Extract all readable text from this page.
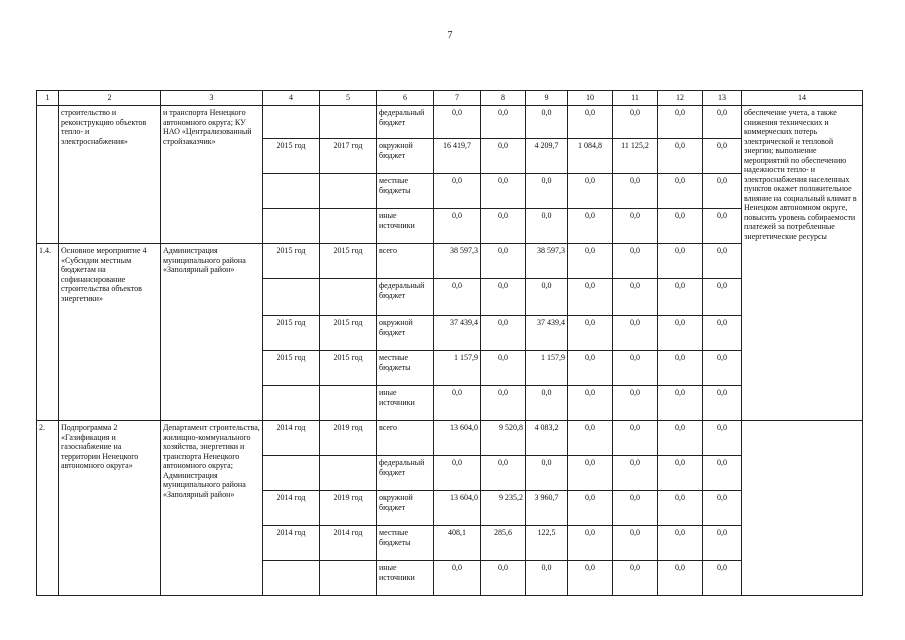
7
1	2	3	4	5	6	7	8	9	10	11	12	13	14
	строительство и реконструкцию объектов тепло- и электроснабжения»	и транспорта Ненецкого автономного округа; КУ НАО «Централизованный стройзаказчик»			федеральный бюджет	0,0	0,0	0,0	0,0	0,0	0,0	0,0	обеспечение учета, а также снижения технических и коммерческих потерь электрической и тепловой энергии; выполнение мероприятий по обеспечению надежности тепло- и электроснабжения населенных пунктов окажет положительное влияние на социальный климат в Ненецком автономном округе, повысить уровень собираемости платежей за потребленные энергетические ресурсы
			2015 год	2017 год	окружной бюджет	16 419,7	0,0	4 209,7	1 084,8	11 125,2	0,0	0,0	
					местные бюджеты	0,0	0,0	0,0	0,0	0,0	0,0	0,0	
					иные источники	0,0	0,0	0,0	0,0	0,0	0,0	0,0	
1.4.	Основное мероприятие 4 «Субсидии местным бюджетам на софинансирование строительства объектов энергетики»	Администрация муниципального района «Заполярный район»	2015 год	2015 год	всего	38 597,3	0,0	38 597,3	0,0	0,0	0,0	0,0	
					федеральный бюджет	0,0	0,0	0,0	0,0	0,0	0,0	0,0	
			2015 год	2015 год	окружной бюджет	37 439,4	0,0	37 439,4	0,0	0,0	0,0	0,0	
			2015 год	2015 год	местные бюджеты	1 157,9	0,0	1 157,9	0,0	0,0	0,0	0,0	
					иные источники	0,0	0,0	0,0	0,0	0,0	0,0	0,0	
2.	Подпрограмма 2 «Газификация и газоснабжение на территории Ненецкого автономного округа»	Департамент строительства, жилищно-коммунального хозяйства, энергетики и транспорта Ненецкого автономного округа; Администрация муниципального района «Заполярный район»	2014 год	2019 год	всего	13 604,0	9 520,8	4 083,2	0,0	0,0	0,0	0,0	
					федеральный бюджет	0,0	0,0	0,0	0,0	0,0	0,0	0,0	
			2014 год	2019 год	окружной бюджет	13 604,0	9 235,2	3 960,7	0,0	0,0	0,0	0,0	
			2014 год	2014 год	местные бюджеты	408,1	285,6	122,5	0,0	0,0	0,0	0,0	
					иные источники	0,0	0,0	0,0	0,0	0,0	0,0	0,0	
